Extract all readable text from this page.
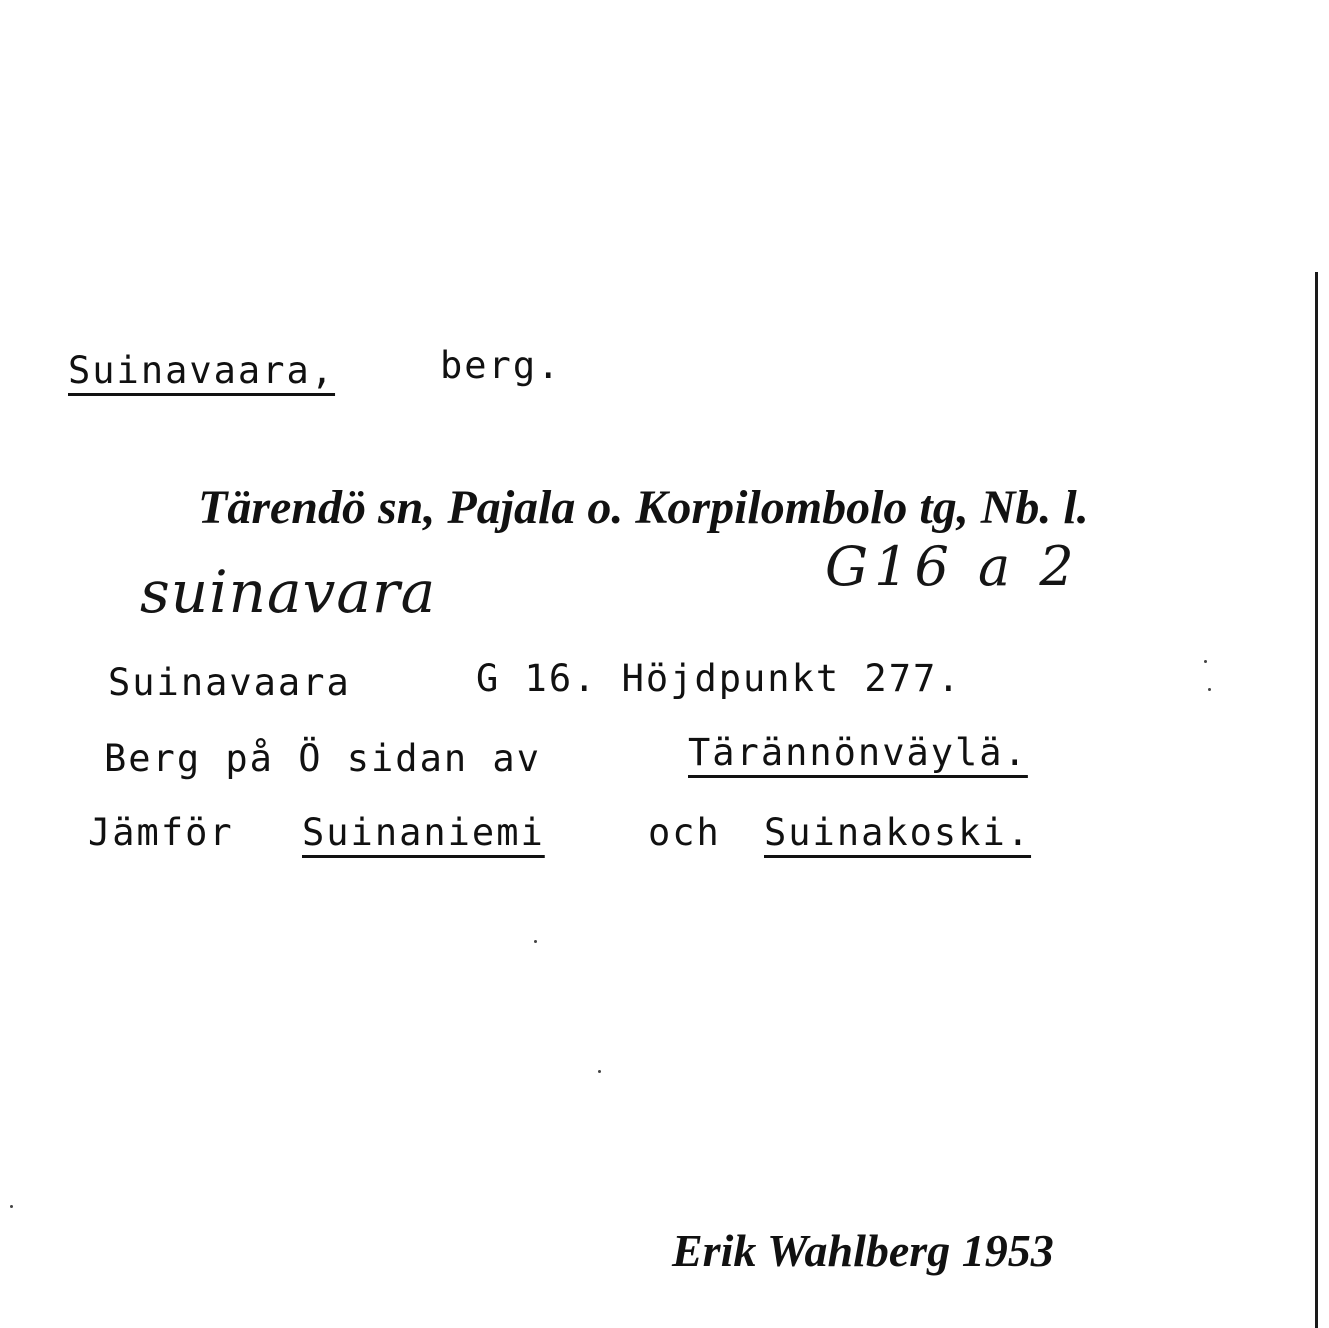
Suinavaara,	berg.
Tärendö sn, Pajala o. Korpilombolo tg, Nb. l.
suinavara	G16 a 2
Suinavaara	G 16. Höjdpunkt 277.
Berg på Ö sidan av	Tärännönväylä.
Jämför Suinaniemi	och Suinakoski.
Erik Wahlberg 1953
